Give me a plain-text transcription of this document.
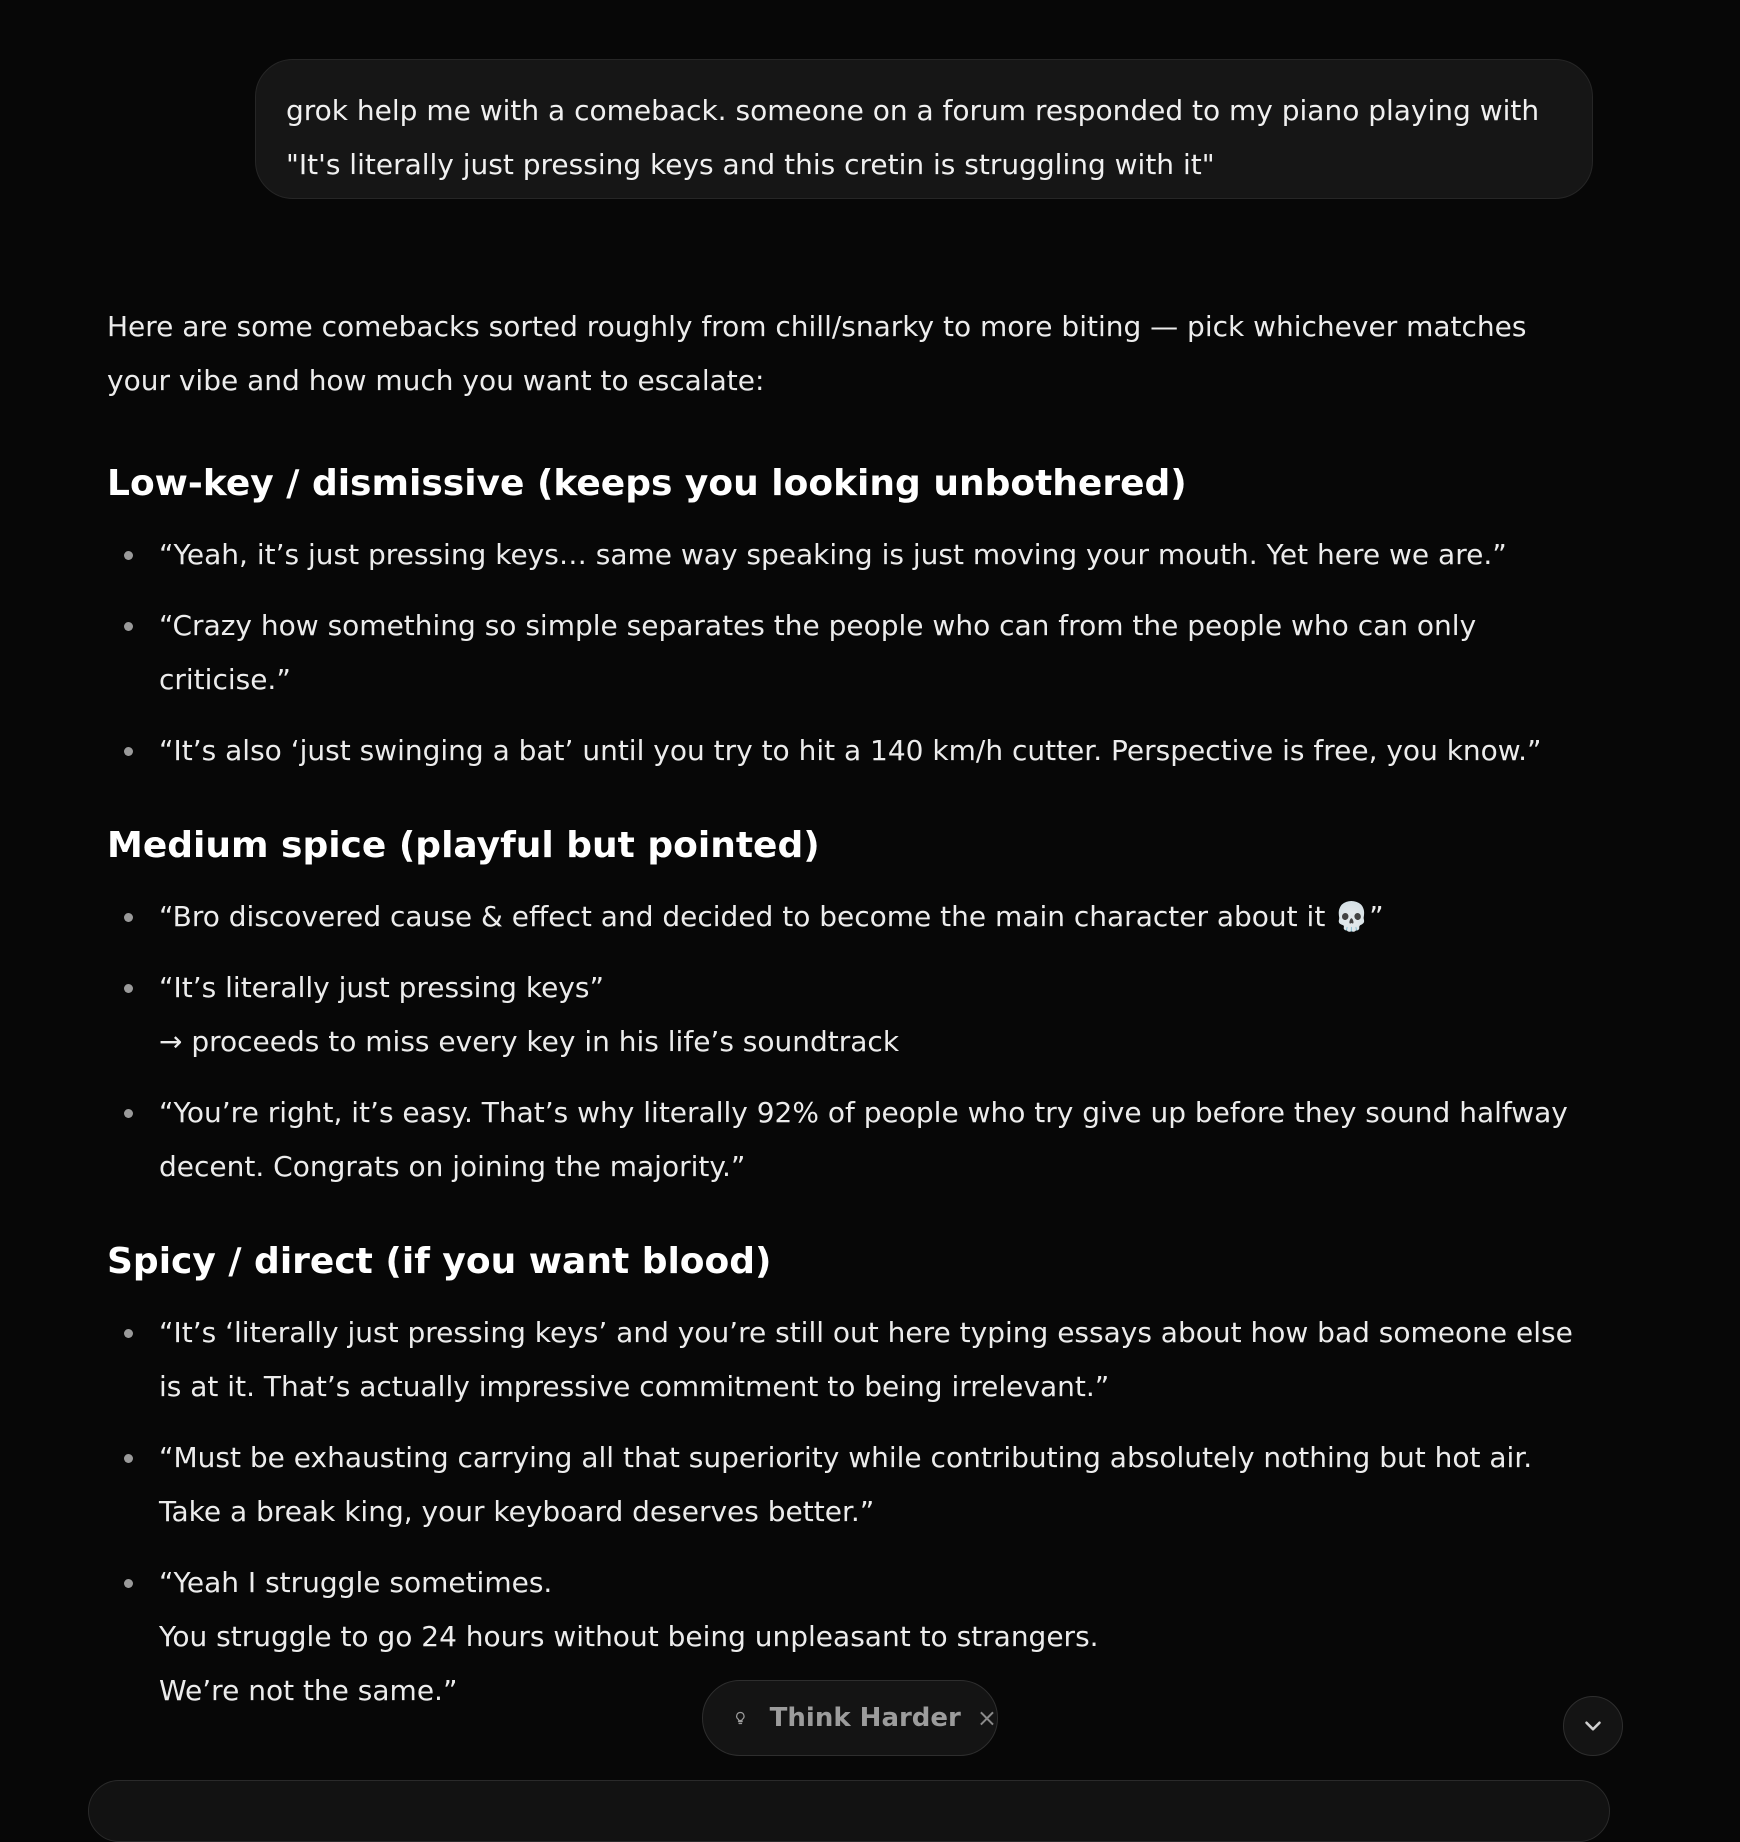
grok help me with a comeback. someone on a forum responded to my piano playing with

"It's literally just pressing keys and this cretin is struggling with it"

Here are some comebacks sorted roughly from chill/snarky to more biting — pick whichever matches your vibe and how much you want to escalate:

Low-key / dismissive (keeps you looking unbothered)
“Yeah, it’s just pressing keys… same way speaking is just moving your mouth. Yet here we are.”
“Crazy how something so simple separates the people who can from the people who can only criticise.”
“It’s also ‘just swinging a bat’ until you try to hit a 140 km/h cutter. Perspective is free, you know.”
Medium spice (playful but pointed)
“Bro discovered cause & effect and decided to become the main character about it 💀”
“It’s literally just pressing keys”
→ proceeds to miss every key in his life’s soundtrack
“You’re right, it’s easy. That’s why literally 92% of people who try give up before they sound halfway decent. Congrats on joining the majority.”
Spicy / direct (if you want blood)
“It’s ‘literally just pressing keys’ and you’re still out here typing essays about how bad someone else is at it. That’s actually impressive commitment to being irrelevant.”
“Must be exhausting carrying all that superiority while contributing absolutely nothing but hot air. Take a break king, your keyboard deserves better.”
“Yeah I struggle sometimes.
You struggle to go 24 hours without being unpleasant to strangers.
We’re not the same.”
Think Harder ×
